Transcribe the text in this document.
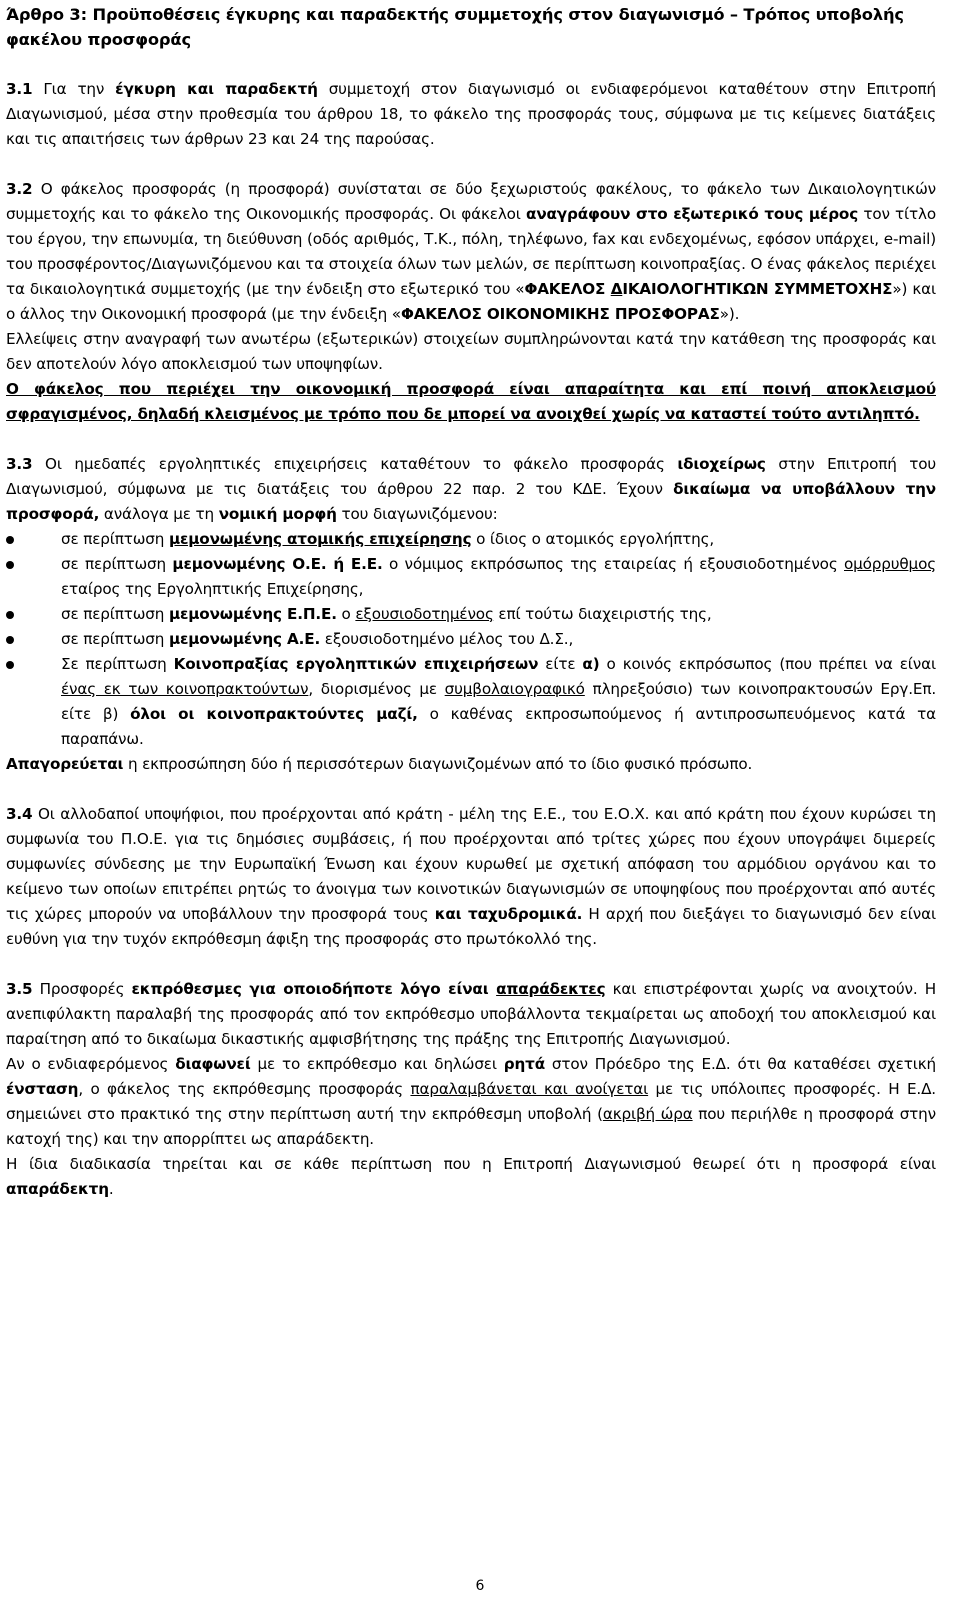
Άρθρο 3: Προϋποθέσεις έγκυρης και παραδεκτής συμμετοχής στον διαγωνισμό – Τρόπος υποβολής φακέλου προσφοράς

3.1 Για την έγκυρη και παραδεκτή συμμετοχή στον διαγωνισμό οι ενδιαφερόμενοι καταθέτουν στην Επιτροπή Διαγωνισμού, μέσα στην προθεσμία του άρθρου 18, το φάκελο της προσφοράς τους, σύμφωνα με τις κείμενες διατάξεις και τις απαιτήσεις των άρθρων 23 και 24 της παρούσας.

3.2 Ο φάκελος προσφοράς (η προσφορά) συνίσταται σε δύο ξεχωριστούς φακέλους, το φάκελο των Δικαιολογητικών συμμετοχής και το φάκελο της Οικονομικής προσφοράς. Οι φάκελοι αναγράφουν στο εξωτερικό τους μέρος τον τίτλο του έργου, την επωνυμία, τη διεύθυνση (οδός αριθμός, Τ.Κ., πόλη, τηλέφωνο, fax και ενδεχομένως, εφόσον υπάρχει, e-mail) του προσφέροντος/Διαγωνιζόμενου και τα στοιχεία όλων των μελών, σε περίπτωση κοινοπραξίας. Ο ένας φάκελος περιέχει τα δικαιολογητικά συμμετοχής (με την ένδειξη στο εξωτερικό του «ΦΑΚΕΛΟΣ ΔΙΚΑΙΟΛΟΓΗΤΙΚΩΝ ΣΥΜΜΕΤΟΧΗΣ») και ο άλλος την Οικονομική προσφορά (με την ένδειξη «ΦΑΚΕΛΟΣ ΟΙΚΟΝΟΜΙΚΗΣ ΠΡΟΣΦΟΡΑΣ»).

Ελλείψεις στην αναγραφή των ανωτέρω (εξωτερικών) στοιχείων συμπληρώνονται κατά την κατάθεση της προσφοράς και δεν αποτελούν λόγο αποκλεισμού των υποψηφίων.

Ο φάκελος που περιέχει την οικονομική προσφορά είναι απαραίτητα και επί ποινή αποκλεισμού σφραγισμένος, δηλαδή κλεισμένος με τρόπο που δε μπορεί να ανοιχθεί χωρίς να καταστεί τούτο αντιληπτό.

3.3 Οι ημεδαπές εργοληπτικές επιχειρήσεις καταθέτουν το φάκελο προσφοράς ιδιοχείρως στην Επιτροπή του Διαγωνισμού, σύμφωνα με τις διατάξεις του άρθρου 22 παρ. 2 του ΚΔΕ. Έχουν δικαίωμα να υποβάλλουν την προσφορά, ανάλογα με τη νομική μορφή του διαγωνιζόμενου:

σε περίπτωση μεμονωμένης ατομικής επιχείρησης ο ίδιος ο ατομικός εργολήπτης,
σε περίπτωση μεμονωμένης Ο.Ε. ή Ε.Ε. ο νόμιμος εκπρόσωπος της εταιρείας ή εξουσιοδοτημένος ομόρρυθμος εταίρος της Εργοληπτικής Επιχείρησης,
σε περίπτωση μεμονωμένης Ε.Π.Ε. ο εξουσιοδοτημένος επί τούτω διαχειριστής της,
σε περίπτωση μεμονωμένης Α.Ε. εξουσιοδοτημένο μέλος του Δ.Σ.,
Σε περίπτωση Κοινοπραξίας εργοληπτικών επιχειρήσεων είτε α) ο κοινός εκπρόσωπος (που πρέπει να είναι ένας εκ των κοινοπρακτούντων, διορισμένος με συμβολαιογραφικό πληρεξούσιο) των κοινοπρακτουσών Εργ.Επ. είτε β) όλοι οι κοινοπρακτούντες μαζί, ο καθένας εκπροσωπούμενος ή αντιπροσωπευόμενος κατά τα παραπάνω.

Απαγορεύεται η εκπροσώπηση δύο ή περισσότερων διαγωνιζομένων από το ίδιο φυσικό πρόσωπο.

3.4 Οι αλλοδαποί υποψήφιοι, που προέρχονται από κράτη - μέλη της Ε.Ε., του Ε.Ο.Χ. και από κράτη που έχουν κυρώσει τη συμφωνία του Π.Ο.Ε. για τις δημόσιες συμβάσεις, ή που προέρχονται από τρίτες χώρες που έχουν υπογράψει διμερείς συμφωνίες σύνδεσης με την Ευρωπαϊκή Ένωση και έχουν κυρωθεί με σχετική απόφαση του αρμόδιου οργάνου και το κείμενο των οποίων επιτρέπει ρητώς το άνοιγμα των κοινοτικών διαγωνισμών σε υποψηφίους που προέρχονται από αυτές τις χώρες μπορούν να υποβάλλουν την προσφορά τους και ταχυδρομικά. Η αρχή που διεξάγει το διαγωνισμό δεν είναι ευθύνη για την τυχόν εκπρόθεσμη άφιξη της προσφοράς στο πρωτόκολλό της.

3.5 Προσφορές εκπρόθεσμες για οποιοδήποτε λόγο είναι απαράδεκτες και επιστρέφονται χωρίς να ανοιχτούν. Η ανεπιφύλακτη παραλαβή της προσφοράς από τον εκπρόθεσμο υποβάλλοντα τεκμαίρεται ως αποδοχή του αποκλεισμού και παραίτηση από το δικαίωμα δικαστικής αμφισβήτησης της πράξης της Επιτροπής Διαγωνισμού.

Αν ο ενδιαφερόμενος διαφωνεί με το εκπρόθεσμο και δηλώσει ρητά στον Πρόεδρο της Ε.Δ. ότι θα καταθέσει σχετική ένσταση, ο φάκελος της εκπρόθεσμης προσφοράς παραλαμβάνεται και ανοίγεται με τις υπόλοιπες προσφορές. Η Ε.Δ. σημειώνει στο πρακτικό της στην περίπτωση αυτή την εκπρόθεσμη υποβολή (ακριβή ώρα που περιήλθε η προσφορά στην κατοχή της) και την απορρίπτει ως απαράδεκτη.

Η ίδια διαδικασία τηρείται και σε κάθε περίπτωση που η Επιτροπή Διαγωνισμού θεωρεί ότι η προσφορά είναι απαράδεκτη.

6
